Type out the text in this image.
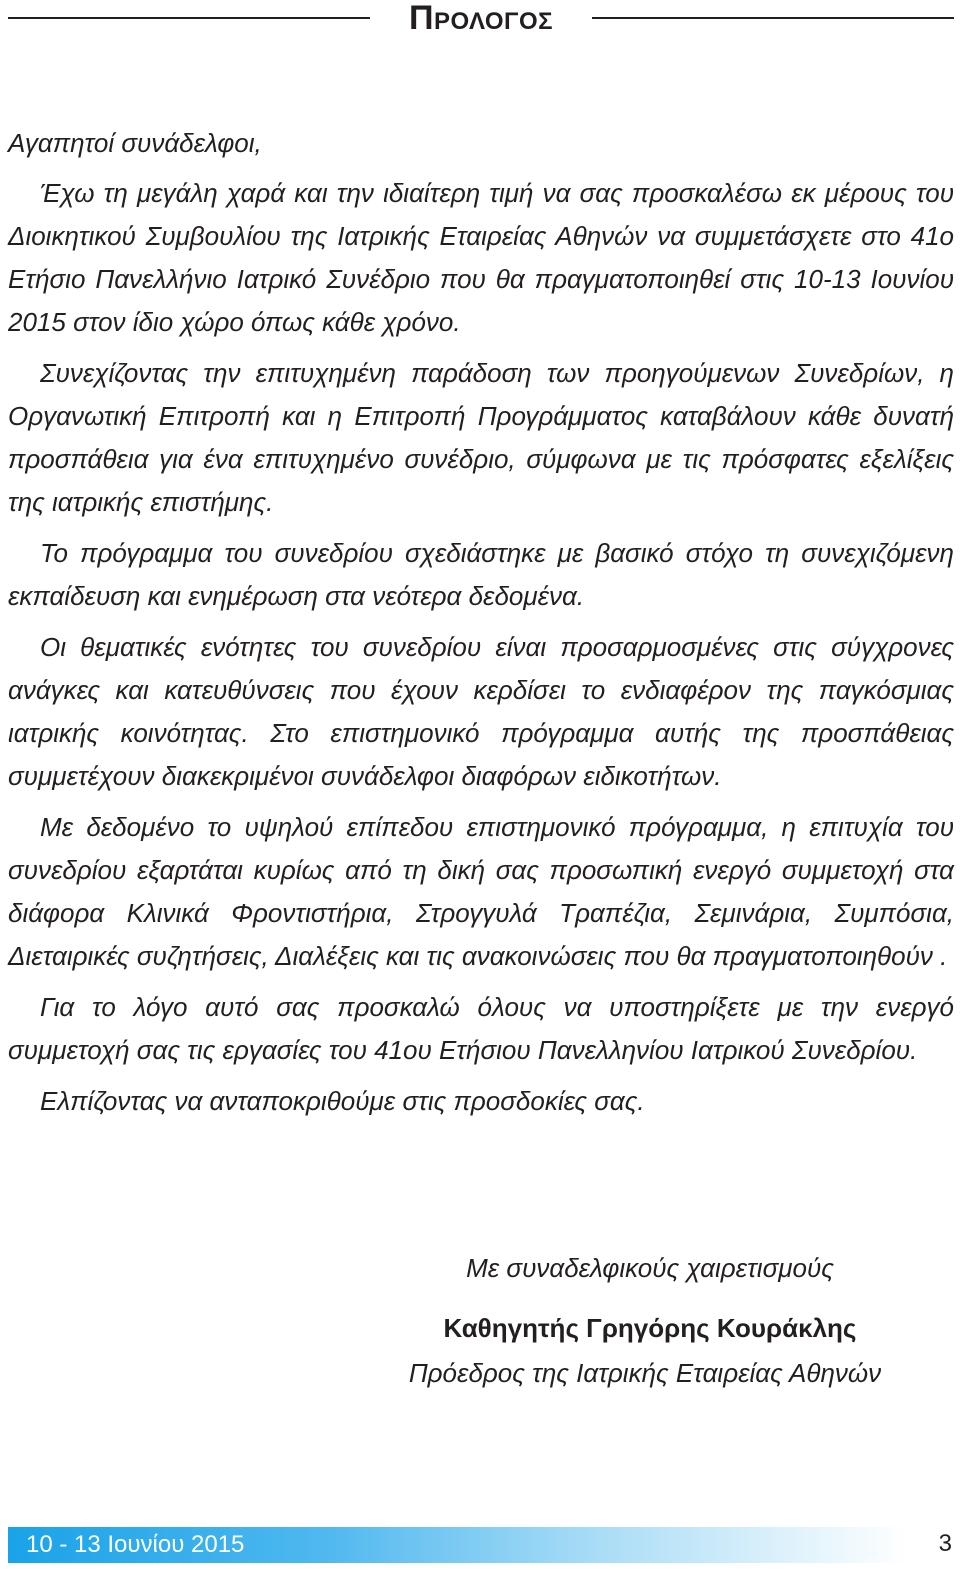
Προλογος

Αγαπητοί συνάδελφοι,

Έχω τη μεγάλη χαρά και την ιδιαίτερη τιμή να σας προσκαλέσω εκ μέρους του Διοικητικού Συμβουλίου της Ιατρικής Εταιρείας Αθηνών να συμμετάσχετε στο 41ο Ετήσιο Πανελλήνιο Ιατρικό Συνέδριο που θα πραγματοποιηθεί στις 10-13 Ιουνίου 2015 στον ίδιο χώρο όπως κάθε χρόνο.

Συνεχίζοντας την επιτυχημένη παράδοση των προηγούμενων Συνεδρίων, η Οργανωτική Επιτροπή και η Επιτροπή Προγράμματος καταβάλουν κάθε δυνατή προσπάθεια για ένα επιτυχημένο συνέδριο, σύμφωνα με τις πρόσφατες εξελίξεις της ιατρικής επιστήμης.

Το πρόγραμμα του συνεδρίου σχεδιάστηκε με βασικό στόχο τη συνεχιζόμενη εκπαίδευση και ενημέρωση στα νεότερα δεδομένα.

Οι θεματικές ενότητες του συνεδρίου είναι προσαρμοσμένες στις σύγχρονες ανάγκες και κατευθύνσεις που έχουν κερδίσει το ενδιαφέρον της παγκόσμιας ιατρικής κοινότητας. Στο επιστημονικό πρόγραμμα αυτής της προσπάθειας συμμετέχουν διακεκριμένοι συνάδελφοι διαφόρων ειδικοτήτων.

Με δεδομένο το υψηλού επίπεδου επιστημονικό πρόγραμμα, η επιτυχία του συνεδρίου εξαρτάται κυρίως από τη δική σας προσωπική ενεργό συμμετοχή στα διάφορα Κλινικά Φροντιστήρια, Στρογγυλά Τραπέζια, Σεμινάρια, Συμπόσια, Διεταιρικές συζητήσεις, Διαλέξεις και τις ανακοινώσεις που θα πραγματοποιηθούν .

Για το λόγο αυτό σας προσκαλώ όλους να υποστηρίξετε με την ενεργό συμμετοχή σας τις εργασίες του 41ου Ετήσιου Πανελληνίου Ιατρικού Συνεδρίου.

Ελπίζοντας να ανταποκριθούμε στις προσδοκίες σας.

Με συναδελφικούς χαιρετισμούς
Καθηγητής Γρηγόρης Κουράκλης
Πρόεδρος της Ιατρικής Εταιρείας Αθηνών
10 - 13 Ιουνίου 2015	3
